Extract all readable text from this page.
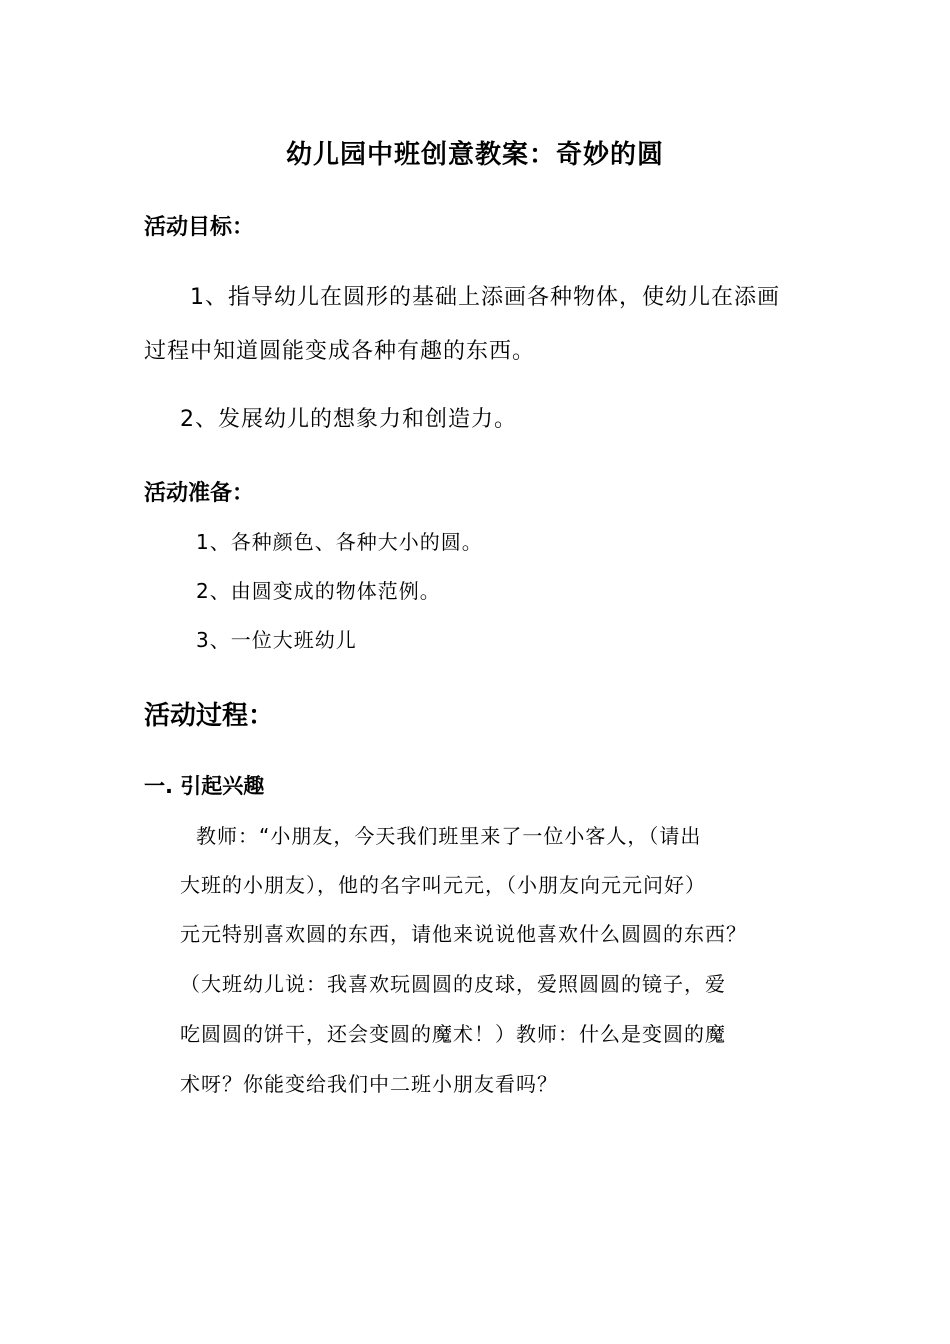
幼儿园中班创意教案：奇妙的圆
活动目标：
1、指导幼儿在圆形的基础上添画各种物体，使幼儿在添画
过程中知道圆能变成各种有趣的东西。
2、发展幼儿的想象力和创造力。
活动准备：
1、各种颜色、各种大小的圆。
2、由圆变成的物体范例。
3、一位大班幼儿
活动过程：
一. 引起兴趣
教师：“小朋友，今天我们班里来了一位小客人，（请出
大班的小朋友），他的名字叫元元，（小朋友向元元问好）
元元特别喜欢圆的东西，请他来说说他喜欢什么圆圆的东西？
（大班幼儿说：我喜欢玩圆圆的皮球，爱照圆圆的镜子，爱
吃圆圆的饼干，还会变圆的魔术！）教师：什么是变圆的魔
术呀？你能变给我们中二班小朋友看吗？
